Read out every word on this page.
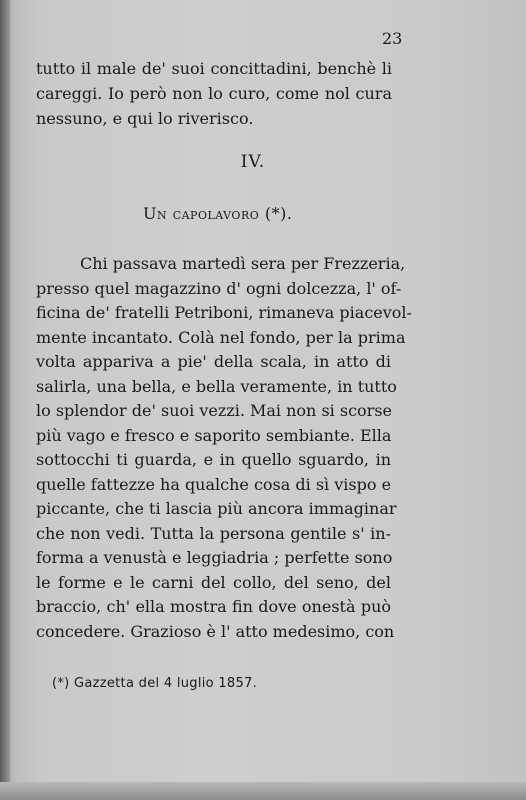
23
tutto il male de' suoi concittadini, benchè li
careggi. Io però non lo curo, come nol cura
nessuno, e qui lo riverisco.
IV.
Un capolavoro (*).
Chi passava martedì sera per Frezzeria,
presso quel magazzino d' ogni dolcezza, l' of-
ficina de' fratelli Petriboni, rimaneva piacevol-
mente incantato. Colà nel fondo, per la prima
volta appariva a pie' della scala, in atto di
salirla, una bella, e bella veramente, in tutto
lo splendor de' suoi vezzi. Mai non si scorse
più vago e fresco e saporito sembiante. Ella
sottocchi ti guarda, e in quello sguardo, in
quelle fattezze ha qualche cosa di sì vispo e
piccante, che ti lascia più ancora immaginar
che non vedi. Tutta la persona gentile s' in-
forma a venustà e leggiadria ; perfette sono
le forme e le carni del collo, del seno, del
braccio, ch' ella mostra fin dove onestà può
concedere. Grazioso è l' atto medesimo, con
(*) Gazzetta del 4 luglio 1857.
